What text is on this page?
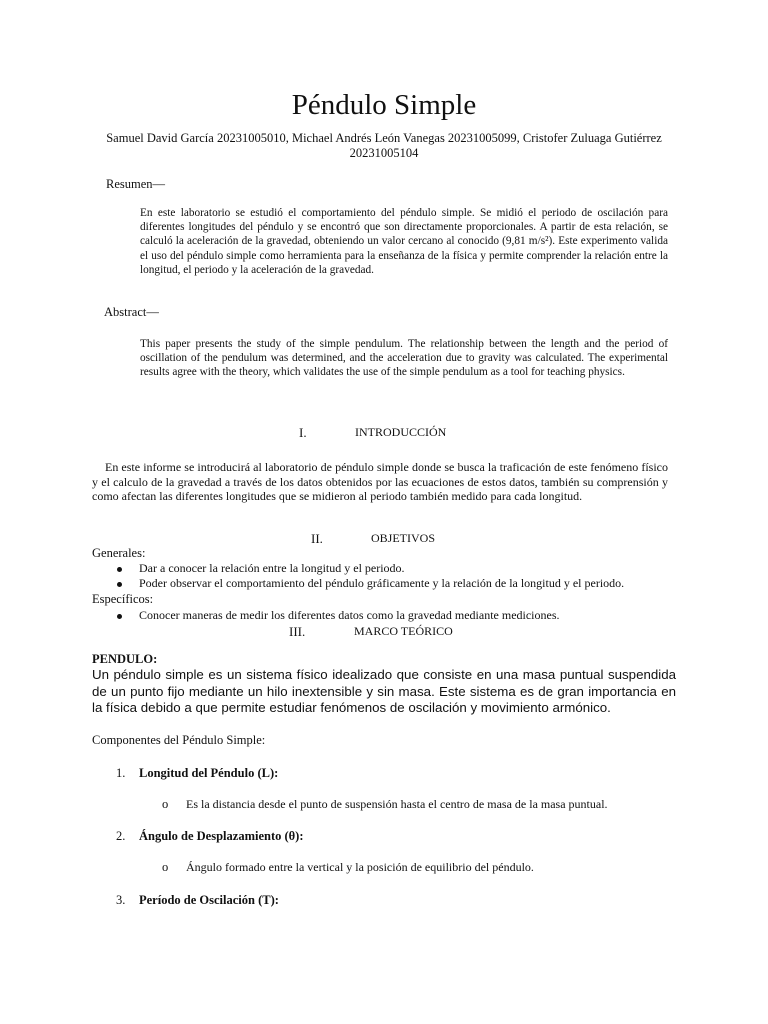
Péndulo Simple
Samuel David García 20231005010, Michael Andrés León Vanegas 20231005099, Cristofer Zuluaga Gutiérrez 20231005104
Resumen—
En este laboratorio se estudió el comportamiento del péndulo simple. Se midió el periodo de oscilación para diferentes longitudes del péndulo y se encontró que son directamente proporcionales. A partir de esta relación, se calculó la aceleración de la gravedad, obteniendo un valor cercano al conocido (9,81 m/s²). Este experimento valida el uso del péndulo simple como herramienta para la enseñanza de la física y permite comprender la relación entre la longitud, el periodo y la aceleración de la gravedad.
Abstract—
This paper presents the study of the simple pendulum. The relationship between the length and the period of oscillation of the pendulum was determined, and the acceleration due to gravity was calculated. The experimental results agree with the theory, which validates the use of the simple pendulum as a tool for teaching physics.
I.	INTRODUCCIÓN
En este informe se introducirá al laboratorio de péndulo simple donde se busca la traficación de este fenómeno físico y el calculo de la gravedad a través de los datos obtenidos por las ecuaciones de estos datos, también su comprensión y como afectan las diferentes longitudes que se midieron al periodo también medido para cada longitud.
II.	OBJETIVOS
Generales:
Dar a conocer la relación entre la longitud y el periodo.
Poder observar el comportamiento del péndulo gráficamente y la relación de la longitud y el periodo.
Específicos:
Conocer maneras de medir los diferentes datos como la gravedad mediante mediciones.
III.	MARCO TEÓRICO
PENDULO:
Un péndulo simple es un sistema físico idealizado que consiste en una masa puntual suspendida de un punto fijo mediante un hilo inextensible y sin masa. Este sistema es de gran importancia en la física debido a que permite estudiar fenómenos de oscilación y movimiento armónico.
Componentes del Péndulo Simple:
1. Longitud del Péndulo (L):
o Es la distancia desde el punto de suspensión hasta el centro de masa de la masa puntual.
2. Ángulo de Desplazamiento (θ):
o Ángulo formado entre la vertical y la posición de equilibrio del péndulo.
3. Período de Oscilación (T):
